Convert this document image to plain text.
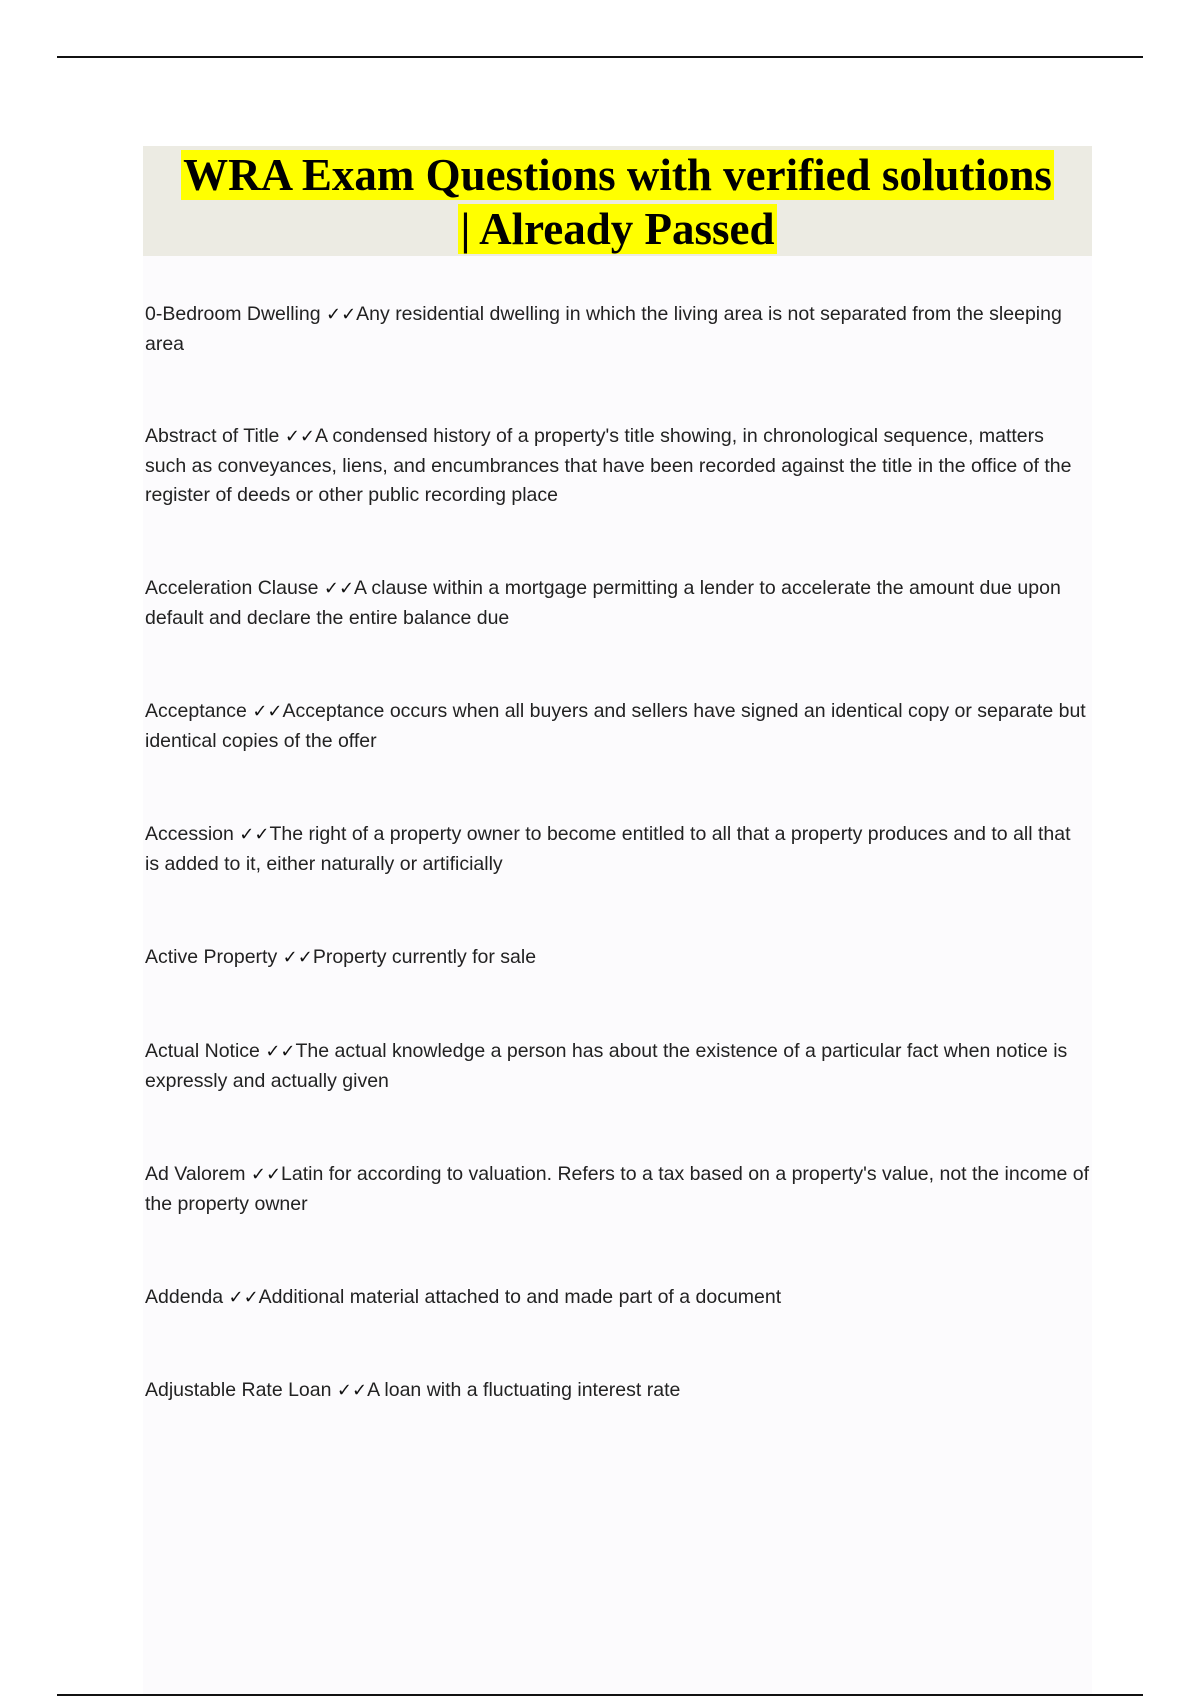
WRA Exam Questions with verified solutions
| Already Passed
0-Bedroom Dwelling ✓✓Any residential dwelling in which the living area is not separated from the sleeping area
Abstract of Title ✓✓A condensed history of a property's title showing, in chronological sequence, matters such as conveyances, liens, and encumbrances that have been recorded against the title in the office of the register of deeds or other public recording place
Acceleration Clause ✓✓A clause within a mortgage permitting a lender to accelerate the amount due upon default and declare the entire balance due
Acceptance ✓✓Acceptance occurs when all buyers and sellers have signed an identical copy or separate but identical copies of the offer
Accession ✓✓The right of a property owner to become entitled to all that a property produces and to all that is added to it, either naturally or artificially
Active Property ✓✓Property currently for sale
Actual Notice ✓✓The actual knowledge a person has about the existence of a particular fact when notice is expressly and actually given
Ad Valorem ✓✓Latin for according to valuation. Refers to a tax based on a property's value, not the income of the property owner
Addenda ✓✓Additional material attached to and made part of a document
Adjustable Rate Loan ✓✓A loan with a fluctuating interest rate
